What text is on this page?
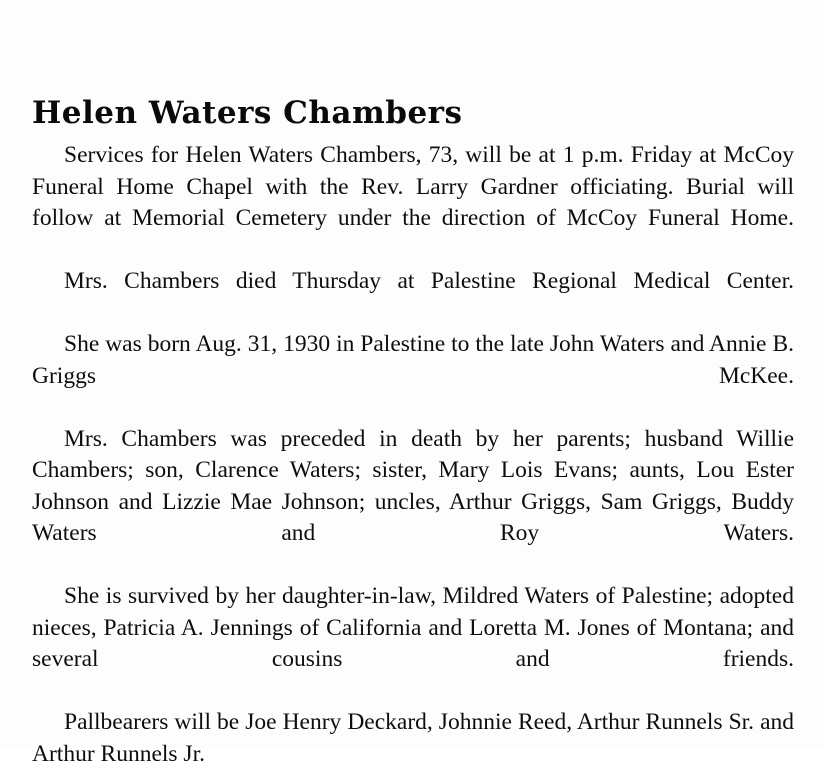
Helen Waters Chambers

Services for Helen Waters Chambers, 73, will be at 1 p.m. Friday at McCoy Funeral Home Chapel with the Rev. Larry Gardner officiating. Burial will follow at Memorial Cemetery under the direction of McCoy Funeral Home.

Mrs. Chambers died Thursday at Palestine Regional Medical Center.

She was born Aug. 31, 1930 in Palestine to the late John Waters and Annie B. Griggs McKee.

Mrs. Chambers was preceded in death by her parents; husband Willie Chambers; son, Clarence Waters; sister, Mary Lois Evans; aunts, Lou Ester Johnson and Lizzie Mae Johnson; uncles, Arthur Griggs, Sam Griggs, Buddy Waters and Roy Waters.

She is survived by her daughter-in-law, Mildred Waters of Palestine; adopted nieces, Patricia A. Jennings of California and Loretta M. Jones of Montana; and several cousins and friends.

Pallbearers will be Joe Henry Deckard, Johnnie Reed, Arthur Runnels Sr. and Arthur Runnels Jr.
